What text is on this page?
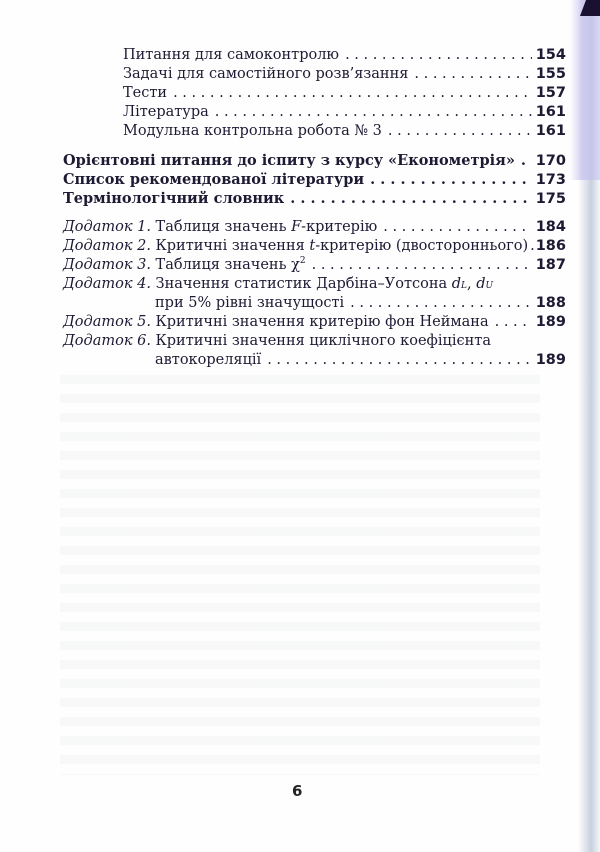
Питання для самоконтролю . . .	154
Задачі для самостійного розв’язання . . .	155
Тести . . .	157
Література . . .	161
Модульна контрольна робота № 3 . . .	161
Орієнтовні питання до іспиту з курсу «Економетрія» . . . 170
Список рекомендованої літератури . . .	173
Термінологічний словник . . .	175
Додаток 1. Таблиця значень F-критерію . . .	184
Додаток 2. Критичні значення t-критерію (двостороннього) . . . 186
Додаток 3. Таблиця значень $\chi^2$ . . .	187
Додаток 4. Значення статистик Дарбіна–Уотсона dL, dU
при 5% рівні значущості . . .	188
Додаток 5. Критичні значення критерію фон Неймана . . .	189
Додаток 6. Критичні значення циклічного коефіцієнта
автокореляції . . .	189
6
